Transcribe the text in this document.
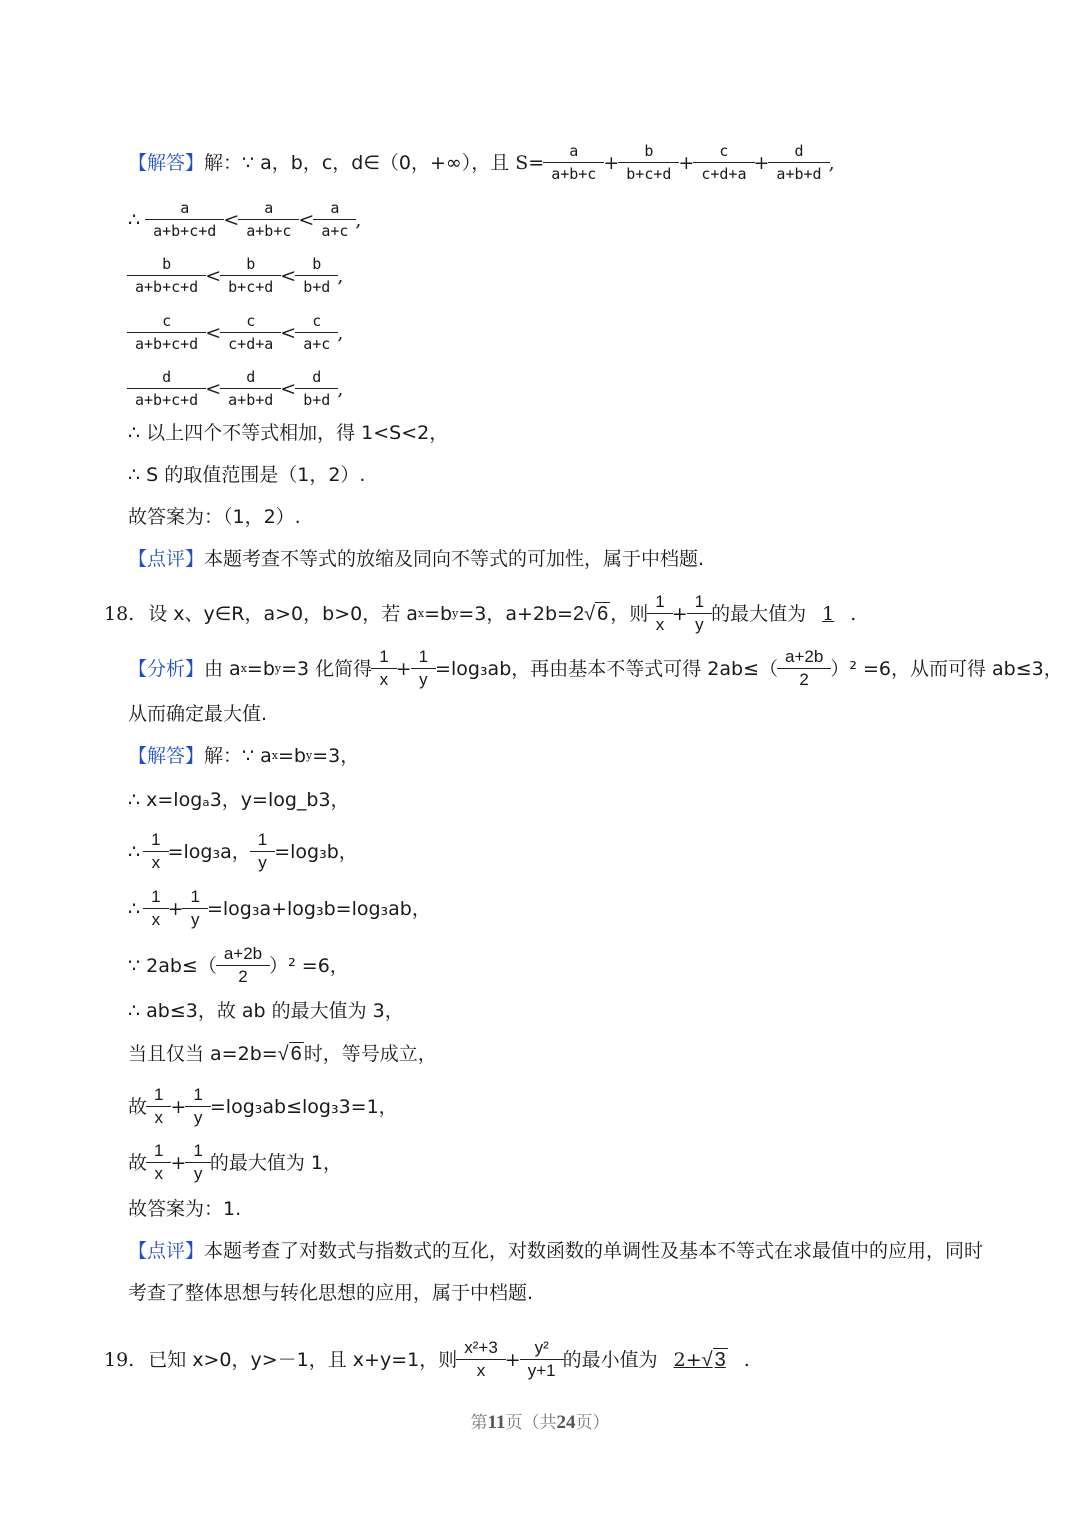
【解答】 解：∵ a，b，c，d∈（0，+∞），且 $S= \frac{a}{a+b+c} + \frac{b}{b+c+d} + \frac{c}{c+d+a} + \frac{d}{a+b+d}$ ,
∴ $\frac{a}{a+b+c+d} < \frac{a}{a+b+c} < \frac{a}{a+c}$ ,
$\frac{b}{a+b+c+d} < \frac{b}{b+c+d} < \frac{b}{b+d}$ ,
$\frac{c}{a+b+c+d} < \frac{c}{c+d+a} < \frac{c}{a+c}$ ,
$\frac{d}{a+b+c+d} < \frac{d}{a+b+d} < \frac{d}{b+d}$ ,
∴ 以上四个不等式相加，得 1<S<2，
∴ S 的取值范围是（1，2）.
故答案为：（1，2）.
【点评】 本题考查不等式的放缩及同向不等式的可加性，属于中档题.
18. 设 x、y∈R，a>0，b>0，若 a x =b y =3，a+2b= 2√ 6 ，则 $\frac{1}{x} + \frac{1}{y}$ 的最大值为 1 .
【分析】 由 a x =b y =3 化简得 $\frac{1}{x} + \frac{1}{y} =\log_3ab$，再由基本不等式可得 $2ab\le( \frac{a+2b}{2} )^2 =6$，从而可得 ab≤3，
从而确定最大值.
【解答】 解：∵ a x =b y =3，
∴ x=logₐ3，y=log_b3，
∴ $\frac{1}{x} =\log_3a$， $\frac{1}{y} =\log_3b$，
∴ $\frac{1}{x} + \frac{1}{y} =\log_3a+\log_3b=\log_3ab$，
∵ $2ab\le( \frac{a+2b}{2} )^2 =6$，
∴ ab≤3，故 ab 的最大值为 3，
当且仅当 a=2b= √ 6 时，等号成立，
故 $\frac{1}{x} + \frac{1}{y} =\log_3ab\le\log_33=1$，
故 $\frac{1}{x} + \frac{1}{y}$ 的最大值为 1，
故答案为：1.
【点评】 本题考查了对数式与指数式的互化，对数函数的单调性及基本不等式在求最值中的应用，同时
考查了整体思想与转化思想的应用，属于中档题.
19. 已知 x>0，y>－1，且 x+y=1，则 $\frac{\text{x²+3}}{x} + \frac{\text{y²}}{y+1}$ 的最小值为 2+√ 3 .
第11页（共24页）
